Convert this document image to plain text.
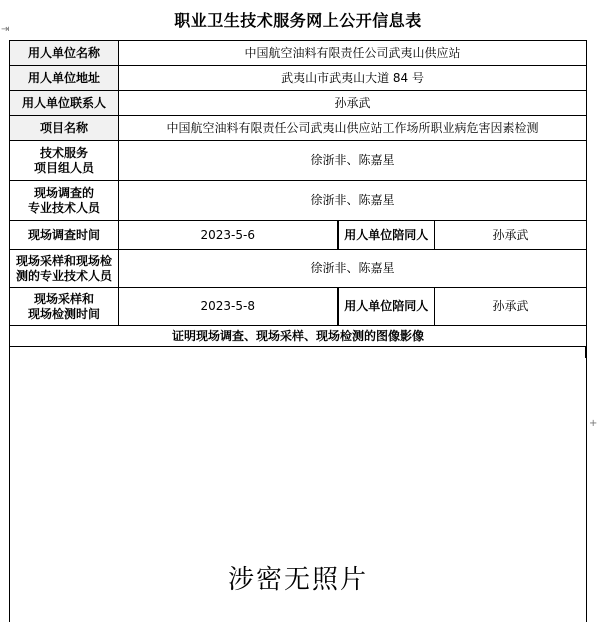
职业卫生技术服务网上公开信息表
用人单位名称	中国航空油料有限责任公司武夷山供应站		
用人单位地址	武夷山市武夷山大道 84 号		
用人单位联系人	孙承武		
项目名称	中国航空油料有限责任公司武夷山供应站工作场所职业病危害因素检测		

技术服务
项目组人员	徐浙非、陈嘉星		

现场调查的
专业技术人员	徐浙非、陈嘉星		
现场调查时间	2023-5-6	用人单位陪同人	孙承武

现场采样和现场检
测的专业技术人员	徐浙非、陈嘉星		

现场采样和
现场检测时间	2023-5-8	用人单位陪同人	孙承武
证明现场调查、现场采样、现场检测的图像影像			
涉密无照片
⇥
+
